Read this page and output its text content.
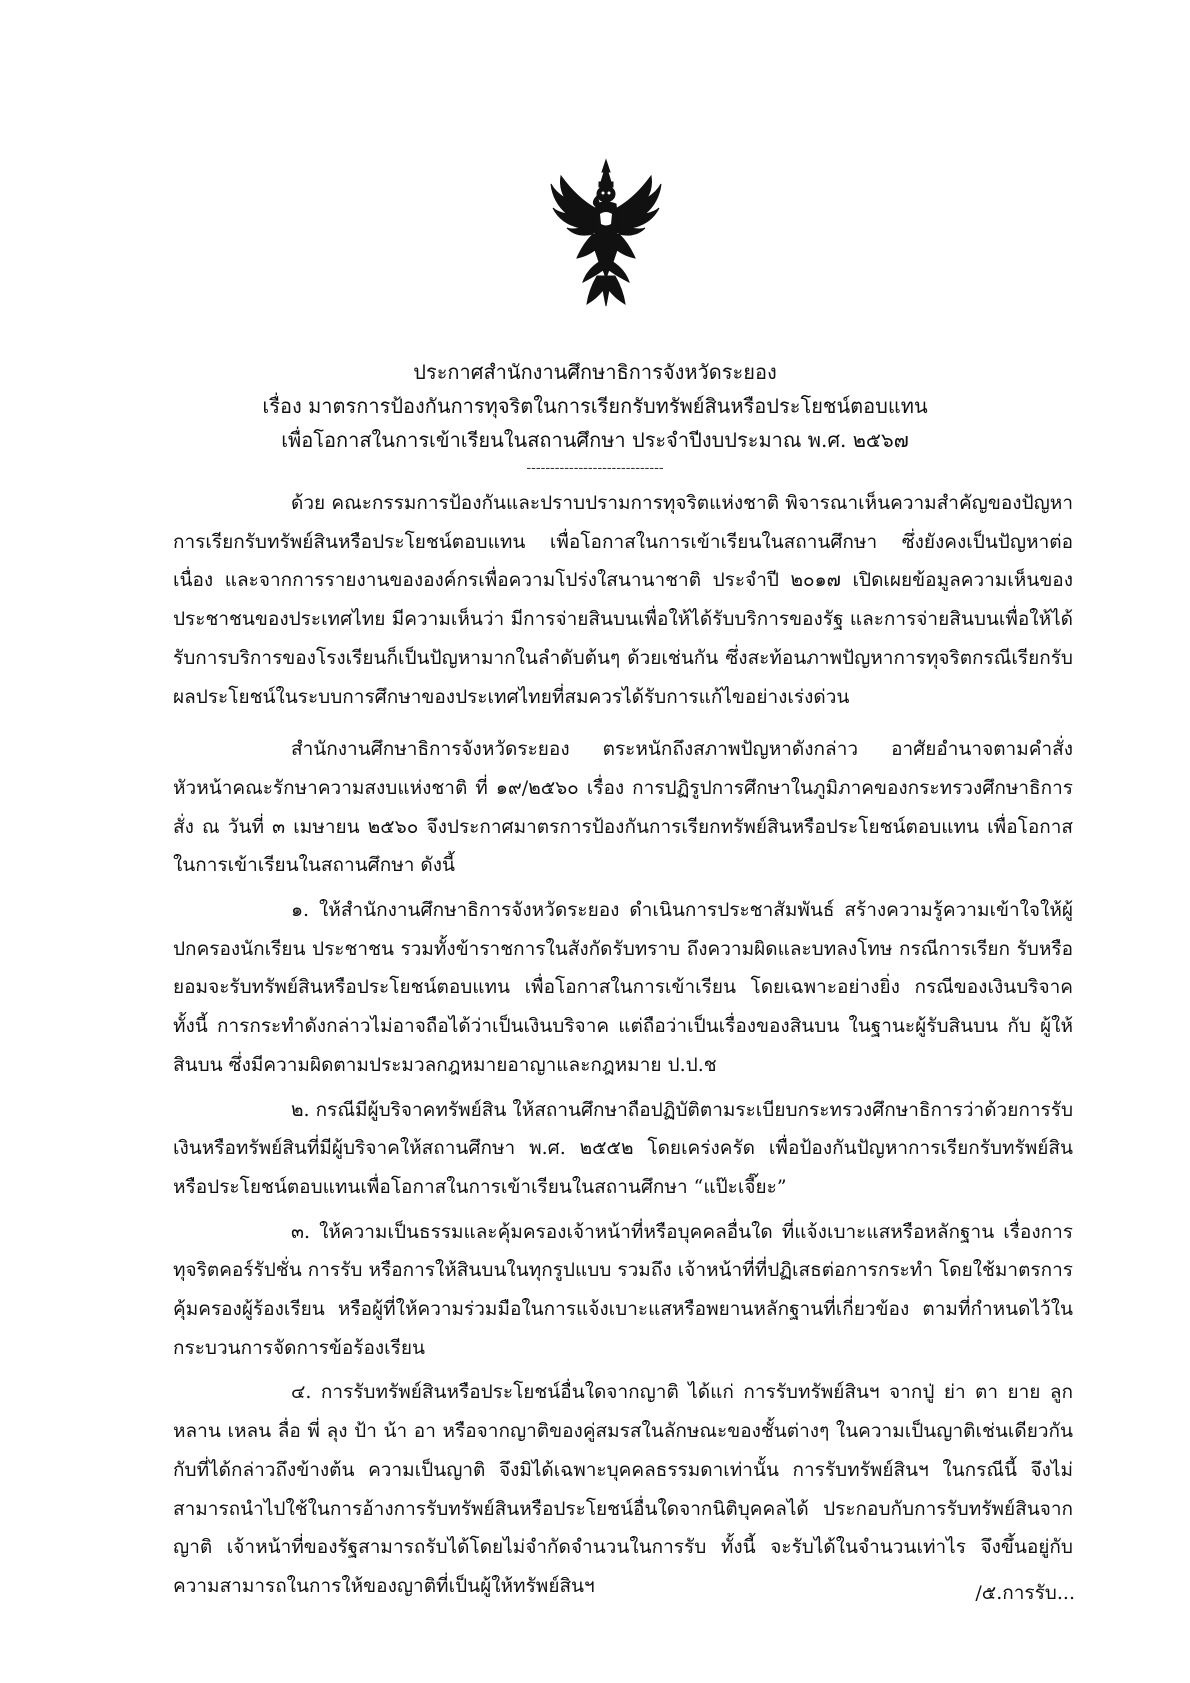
ประกาศสำนักงานศึกษาธิการจังหวัดระยอง
เรื่อง มาตรการป้องกันการทุจริตในการเรียกรับทรัพย์สินหรือประโยชน์ตอบแทน
เพื่อโอกาสในการเข้าเรียนในสถานศึกษา ประจำปีงบประมาณ พ.ศ. ๒๕๖๗
-----------------------------

ด้วย คณะกรรมการป้องกันและปราบปรามการทุจริตแห่งชาติ พิจารณาเห็นความสำคัญของปัญหาการเรียกรับทรัพย์สินหรือประโยชน์ตอบแทน เพื่อโอกาสในการเข้าเรียนในสถานศึกษา ซึ่งยังคงเป็นปัญหาต่อเนื่อง และจากการรายงานขององค์กรเพื่อความโปร่งใสนานาชาติ ประจำปี ๒๐๑๗ เปิดเผยข้อมูลความเห็นของประชาชนของประเทศไทย มีความเห็นว่า มีการจ่ายสินบนเพื่อให้ได้รับบริการของรัฐ และการจ่ายสินบนเพื่อให้ได้รับการบริการของโรงเรียนก็เป็นปัญหามากในลำดับต้นๆ ด้วยเช่นกัน ซึ่งสะท้อนภาพปัญหาการทุจริตกรณีเรียกรับผลประโยชน์ในระบบการศึกษาของประเทศไทยที่สมควรได้รับการแก้ไขอย่างเร่งด่วน

สำนักงานศึกษาธิการจังหวัดระยอง ตระหนักถึงสภาพปัญหาดังกล่าว อาศัยอำนาจตามคำสั่งหัวหน้าคณะรักษาความสงบแห่งชาติ ที่ ๑๙/๒๕๖๐ เรื่อง การปฏิรูปการศึกษาในภูมิภาคของกระทรวงศึกษาธิการ สั่ง ณ วันที่ ๓ เมษายน ๒๕๖๐ จึงประกาศมาตรการป้องกันการเรียกทรัพย์สินหรือประโยชน์ตอบแทน เพื่อโอกาสในการเข้าเรียนในสถานศึกษา ดังนี้

๑. ให้สำนักงานศึกษาธิการจังหวัดระยอง ดำเนินการประชาสัมพันธ์ สร้างความรู้ความเข้าใจให้ผู้ปกครองนักเรียน ประชาชน รวมทั้งข้าราชการในสังกัดรับทราบ ถึงความผิดและบทลงโทษ กรณีการเรียก รับหรือยอมจะรับทรัพย์สินหรือประโยชน์ตอบแทน เพื่อโอกาสในการเข้าเรียน โดยเฉพาะอย่างยิ่ง กรณีของเงินบริจาค ทั้งนี้ การกระทำดังกล่าวไม่อาจถือได้ว่าเป็นเงินบริจาค แต่ถือว่าเป็นเรื่องของสินบน ในฐานะผู้รับสินบน กับ ผู้ให้สินบน ซึ่งมีความผิดตามประมวลกฎหมายอาญาและกฎหมาย ป.ป.ช

๒. กรณีมีผู้บริจาคทรัพย์สิน ให้สถานศึกษาถือปฏิบัติตามระเบียบกระทรวงศึกษาธิการว่าด้วยการรับเงินหรือทรัพย์สินที่มีผู้บริจาคให้สถานศึกษา พ.ศ. ๒๕๕๒ โดยเคร่งครัด เพื่อป้องกันปัญหาการเรียกรับทรัพย์สินหรือประโยชน์ตอบแทนเพื่อโอกาสในการเข้าเรียนในสถานศึกษา “แป๊ะเจี๊ยะ”

๓. ให้ความเป็นธรรมและคุ้มครองเจ้าหน้าที่หรือบุคคลอื่นใด ที่แจ้งเบาะแสหรือหลักฐาน เรื่องการทุจริตคอร์รัปชั่น การรับ หรือการให้สินบนในทุกรูปแบบ รวมถึง เจ้าหน้าที่ที่ปฏิเสธต่อการกระทำ โดยใช้มาตรการคุ้มครองผู้ร้องเรียน หรือผู้ที่ให้ความร่วมมือในการแจ้งเบาะแสหรือพยานหลักฐานที่เกี่ยวข้อง ตามที่กำหนดไว้ในกระบวนการจัดการข้อร้องเรียน

๔. การรับทรัพย์สินหรือประโยชน์อื่นใดจากญาติ ได้แก่ การรับทรัพย์สินฯ จากปู่ ย่า ตา ยาย ลูก หลาน เหลน ลื่อ พี่ ลุง ป้า น้า อา หรือจากญาติของคู่สมรสในลักษณะของชั้นต่างๆ ในความเป็นญาติเช่นเดียวกันกับที่ได้กล่าวถึงข้างต้น ความเป็นญาติ จึงมิได้เฉพาะบุคคลธรรมดาเท่านั้น การรับทรัพย์สินฯ ในกรณีนี้ จึงไม่สามารถนำไปใช้ในการอ้างการรับทรัพย์สินหรือประโยชน์อื่นใดจากนิติบุคคลได้ ประกอบกับการรับทรัพย์สินจากญาติ เจ้าหน้าที่ของรัฐสามารถรับได้โดยไม่จำกัดจำนวนในการรับ ทั้งนี้ จะรับได้ในจำนวนเท่าไร จึงขึ้นอยู่กับความสามารถในการให้ของญาติที่เป็นผู้ให้ทรัพย์สินฯ	/๕.การรับ...
